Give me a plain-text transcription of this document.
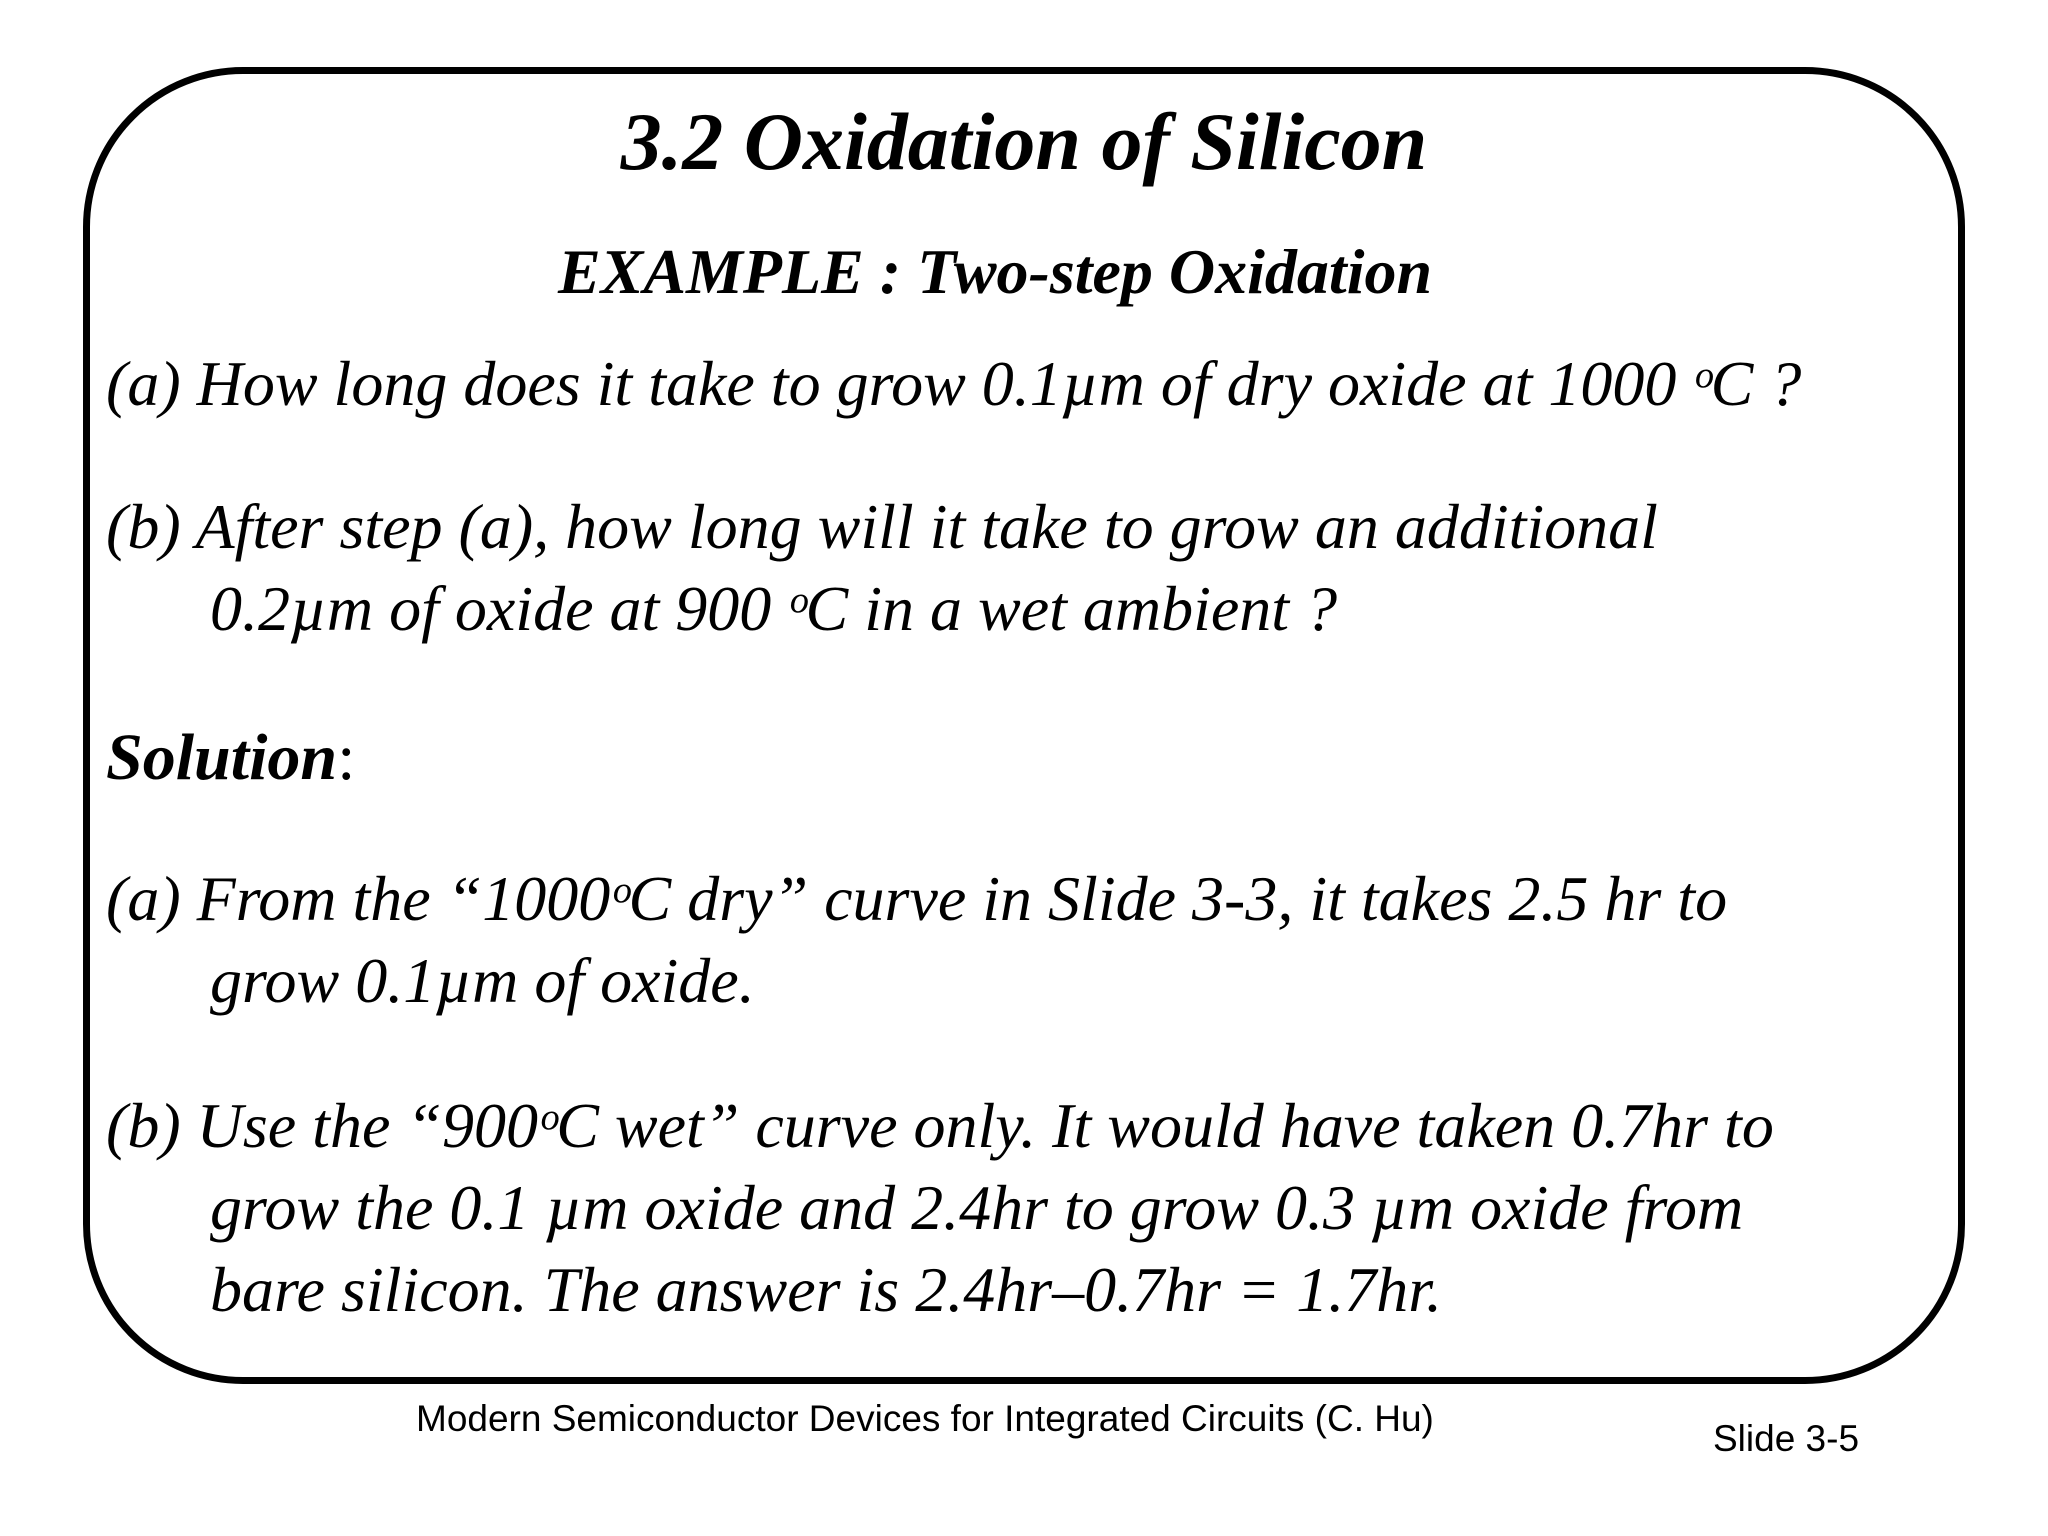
3.2 Oxidation of Silicon
EXAMPLE : Two-step Oxidation
(a) How long does it take to grow 0.1µm of dry oxide at 1000 ᵒC ?
(b) After step (a), how long will it take to grow an additional
0.2µm of oxide at 900 ᵒC in a wet ambient ?
Solution:
(a) From the “1000ᵒC dry” curve in Slide 3-3, it takes 2.5 hr to
grow 0.1µm of oxide.
(b) Use the “900ᵒC wet” curve only. It would have taken 0.7hr to
grow the 0.1 µm oxide and 2.4hr to grow 0.3 µm oxide from
bare silicon. The answer is 2.4hr–0.7hr = 1.7hr.
Modern Semiconductor Devices for Integrated Circuits (C. Hu)	Slide 3-5
